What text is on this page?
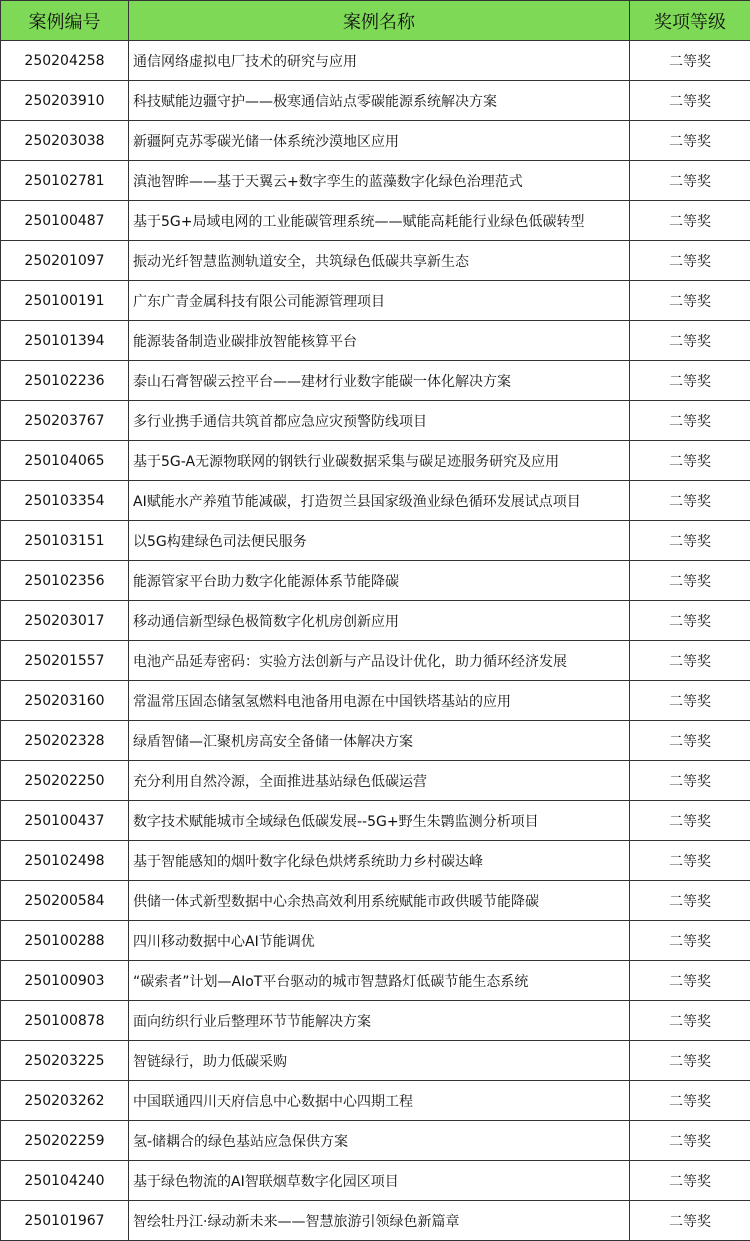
案例编号	案例名称	奖项等级
250204258	通信网络虚拟电厂技术的研究与应用	二等奖
250203910	科技赋能边疆守护——极寒通信站点零碳能源系统解决方案	二等奖
250203038	新疆阿克苏零碳光储一体系统沙漠地区应用	二等奖
250102781	滇池智眸——基于天翼云+数字孪生的蓝藻数字化绿色治理范式	二等奖
250100487	基于5G+局域电网的工业能碳管理系统——赋能高耗能行业绿色低碳转型	二等奖
250201097	振动光纤智慧监测轨道安全，共筑绿色低碳共享新生态	二等奖
250100191	广东广青金属科技有限公司能源管理项目	二等奖
250101394	能源装备制造业碳排放智能核算平台	二等奖
250102236	泰山石膏智碳云控平台——建材行业数字能碳一体化解决方案	二等奖
250203767	多行业携手通信共筑首都应急应灾预警防线项目	二等奖
250104065	基于5G-A无源物联网的钢铁行业碳数据采集与碳足迹服务研究及应用	二等奖
250103354	AI赋能水产养殖节能减碳，打造贺兰县国家级渔业绿色循环发展试点项目	二等奖
250103151	以5G构建绿色司法便民服务	二等奖
250102356	能源管家平台助力数字化能源体系节能降碳	二等奖
250203017	移动通信新型绿色极简数字化机房创新应用	二等奖
250201557	电池产品延寿密码：实验方法创新与产品设计优化，助力循环经济发展	二等奖
250203160	常温常压固态储氢氢燃料电池备用电源在中国铁塔基站的应用	二等奖
250202328	绿盾智储—汇聚机房高安全备储一体解决方案	二等奖
250202250	充分利用自然冷源，全面推进基站绿色低碳运营	二等奖
250100437	数字技术赋能城市全域绿色低碳发展--5G+野生朱鹮监测分析项目	二等奖
250102498	基于智能感知的烟叶数字化绿色烘烤系统助力乡村碳达峰	二等奖
250200584	供储一体式新型数据中心余热高效利用系统赋能市政供暖节能降碳	二等奖
250100288	四川移动数据中心AI节能调优	二等奖
250100903	“碳索者”计划—AIoT平台驱动的城市智慧路灯低碳节能生态系统	二等奖
250100878	面向纺织行业后整理环节节能解决方案	二等奖
250203225	智链绿行，助力低碳采购	二等奖
250203262	中国联通四川天府信息中心数据中心四期工程	二等奖
250202259	氢-储耦合的绿色基站应急保供方案	二等奖
250104240	基于绿色物流的AI智联烟草数字化园区项目	二等奖
250101967	智绘牡丹江·绿动新未来——智慧旅游引领绿色新篇章	二等奖
